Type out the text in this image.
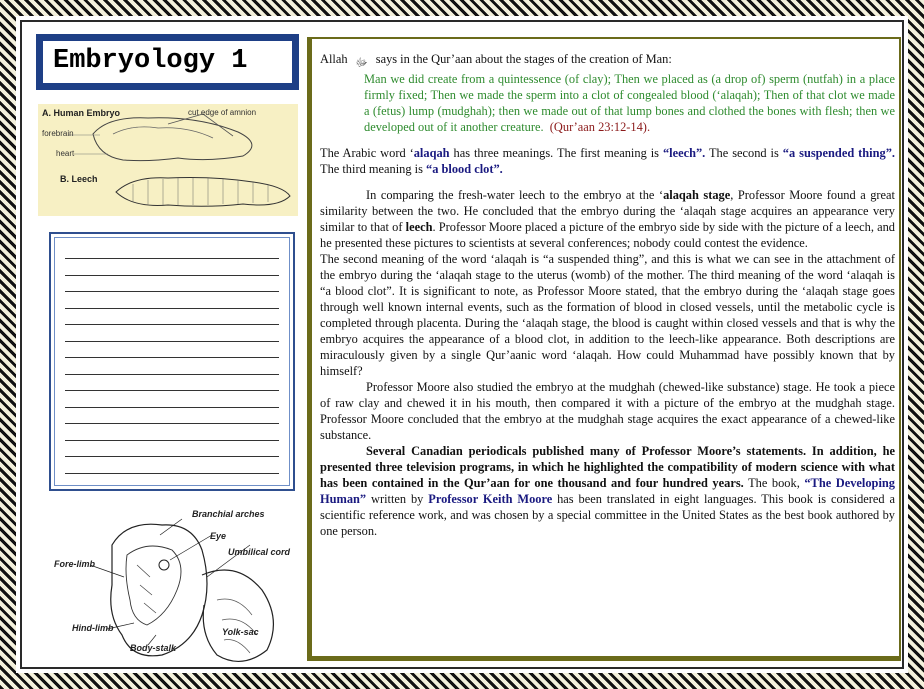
Embryology 1
A. Human Embryo	cut edge of amnion
forebrain
heart
B. Leech
Branchial arches
Eye
Umbilical cord
Fore-limb
Hind-limb	Yolk-sac
Body-stalk

Allah ﷻ says in the Qur’aan about the stages of the creation of Man:

Man we did create from a quintessence (of clay); Then we placed as (a drop of) sperm (nutfah) in a place firmly fixed; Then we made the sperm into a clot of congealed blood (‘alaqah); Then of that clot we made a (fetus) lump (mudghah); then we made out of that lump bones and clothed the bones with flesh; then we developed out of it another creature. (Qur’aan 23:12-14).

The Arabic word ‘alaqah has three meanings. The first meaning is “leech”. The second is “a suspended thing”. The third meaning is “a blood clot”.

In comparing the fresh-water leech to the embryo at the ‘alaqah stage, Professor Moore found a great similarity between the two. He concluded that the embryo during the ‘alaqah stage acquires an appearance very similar to that of leech. Professor Moore placed a picture of the embryo side by side with the picture of a leech, and he presented these pictures to scientists at several conferences; nobody could contest the evidence.

The second meaning of the word ‘alaqah is “a suspended thing”, and this is what we can see in the attachment of the embryo during the ‘alaqah stage to the uterus (womb) of the mother. The third meaning of the word ‘alaqah is “a blood clot”. It is significant to note, as Professor Moore stated, that the embryo during the ‘alaqah stage goes through well known internal events, such as the formation of blood in closed vessels, until the metabolic cycle is completed through placenta. During the ‘alaqah stage, the blood is caught within closed vessels and that is why the embryo acquires the appearance of a blood clot, in addition to the leech-like appearance. Both descriptions are miraculously given by a single Qur’aanic word ‘alaqah. How could Muhammad have possibly known that by himself?

Professor Moore also studied the embryo at the mudghah (chewed-like substance) stage. He took a piece of raw clay and chewed it in his mouth, then compared it with a picture of the embryo at the mudghah stage. Professor Moore concluded that the embryo at the mudghah stage acquires the exact appearance of a chewed-like substance.

Several Canadian periodicals published many of Professor Moore’s statements. In addition, he presented three television programs, in which he highlighted the compatibility of modern science with what has been contained in the Qur’aan for one thousand and four hundred years. The book, “The Developing Human” written by Professor Keith Moore has been translated in eight languages. This book is considered a scientific reference work, and was chosen by a special committee in the United States as the best book authored by one person.
